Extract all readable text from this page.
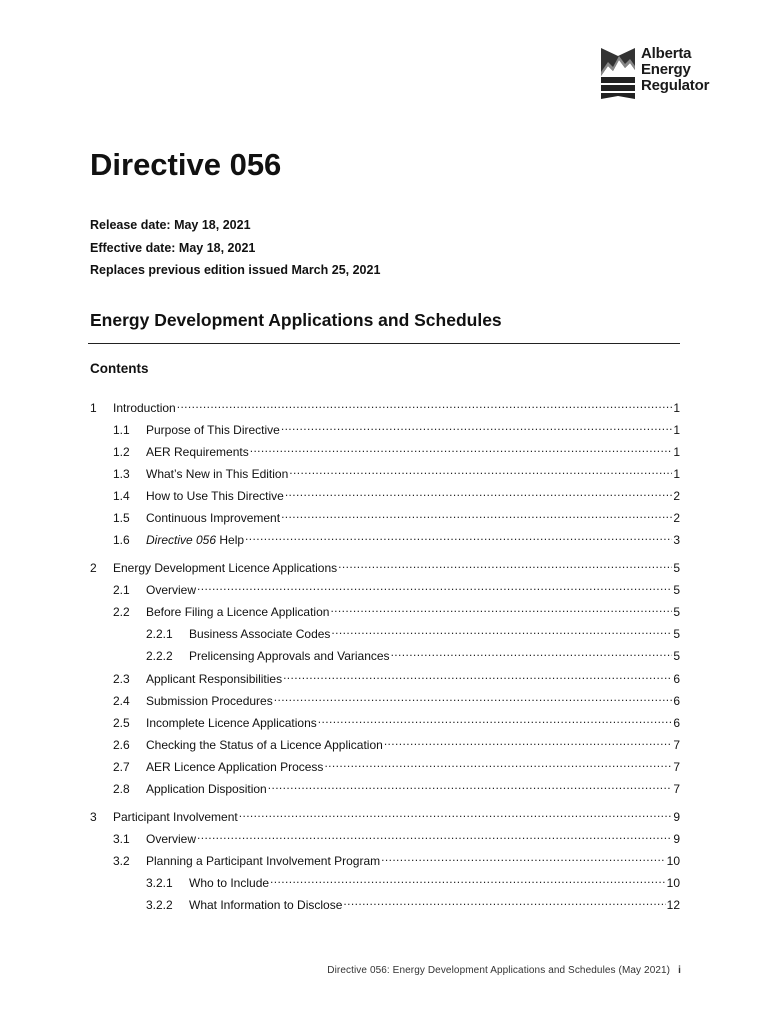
Alberta
Energy
Regulator
Directive 056
Release date: May 18, 2021
Effective date: May 18, 2021
Replaces previous edition issued March 25, 2021
Energy Development Applications and Schedules
Contents
1	Introduction .....	1
1.1	Purpose of This Directive .....	1
1.2	AER Requirements .....	1
1.3	What’s New in This Edition .....	1
1.4	How to Use This Directive .....	2
1.5	Continuous Improvement .....	2
1.6	Directive 056 Help .....	3
2	Energy Development Licence Applications .....	5
2.1	Overview .....	5
2.2	Before Filing a Licence Application .....	5
2.2.1	Business Associate Codes .....	5
2.2.2	Prelicensing Approvals and Variances .....	5
2.3	Applicant Responsibilities .....	6
2.4	Submission Procedures .....	6
2.5	Incomplete Licence Applications .....	6
2.6	Checking the Status of a Licence Application .....	7
2.7	AER Licence Application Process .....	7
2.8	Application Disposition .....	7
3	Participant Involvement .....	9
3.1	Overview .....	9
3.2	Planning a Participant Involvement Program .....	10
3.2.1	Who to Include .....	10
3.2.2	What Information to Disclose .....	12
Directive 056: Energy Development Applications and Schedules (May 2021) i
